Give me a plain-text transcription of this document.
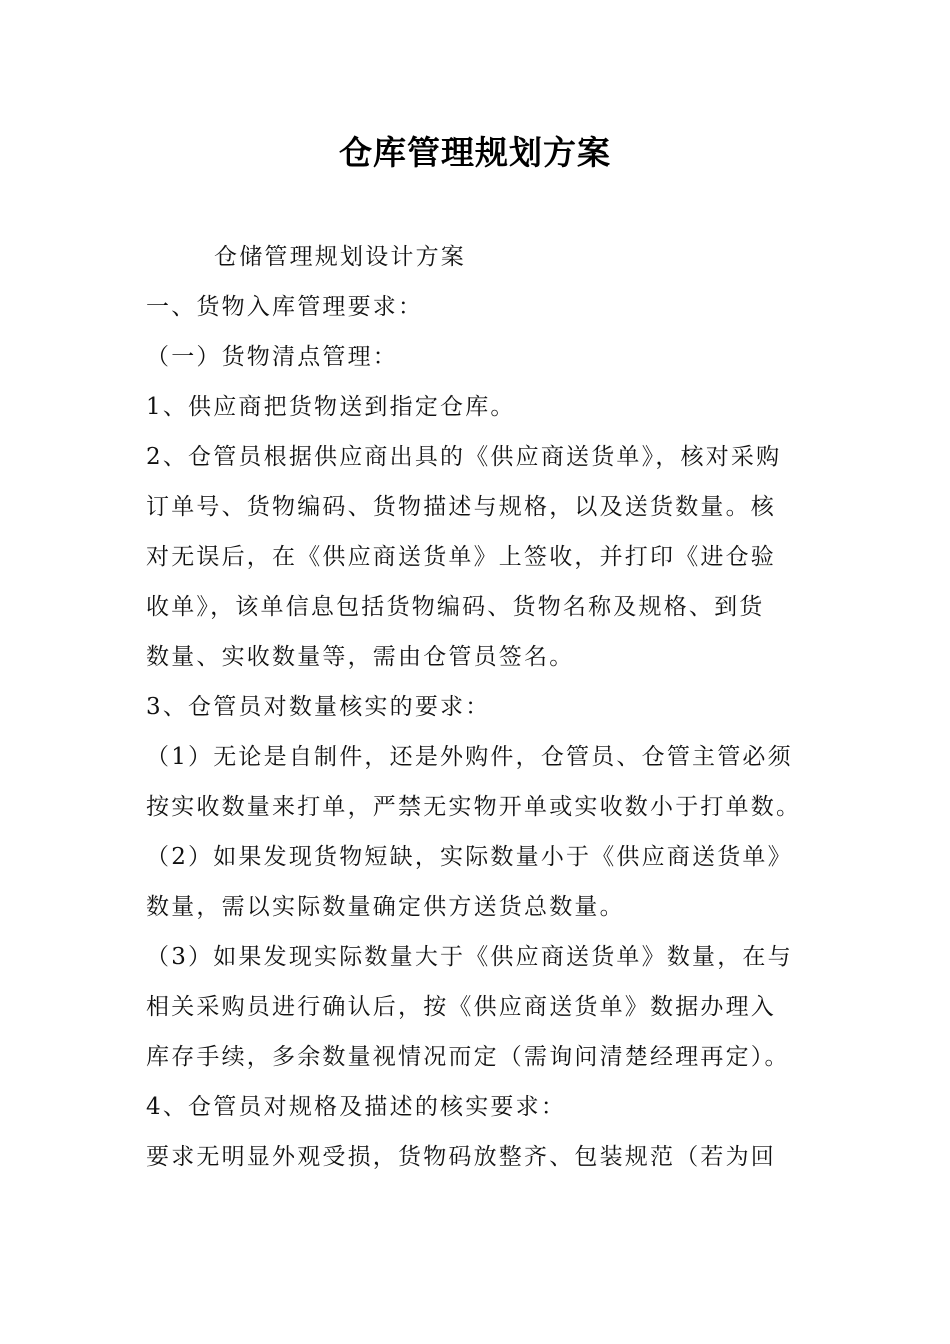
仓库管理规划方案
仓储管理规划设计方案
一、货物入库管理要求：
（一）货物清点管理：
1、供应商把货物送到指定仓库。
2、仓管员根据供应商出具的《供应商送货单》，核对采购
订单号、货物编码、货物描述与规格，以及送货数量。核
对无误后，在《供应商送货单》上签收，并打印《进仓验
收单》，该单信息包括货物编码、货物名称及规格、到货
数量、实收数量等，需由仓管员签名。
3、仓管员对数量核实的要求：
（1）无论是自制件，还是外购件，仓管员、仓管主管必须
按实收数量来打单，严禁无实物开单或实收数小于打单数。
（2）如果发现货物短缺，实际数量小于《供应商送货单》
数量，需以实际数量确定供方送货总数量。
（3）如果发现实际数量大于《供应商送货单》数量，在与
相关采购员进行确认后，按《供应商送货单》数据办理入
库存手续，多余数量视情况而定（需询问清楚经理再定）。
4、仓管员对规格及描述的核实要求：
要求无明显外观受损，货物码放整齐、包装规范（若为回
